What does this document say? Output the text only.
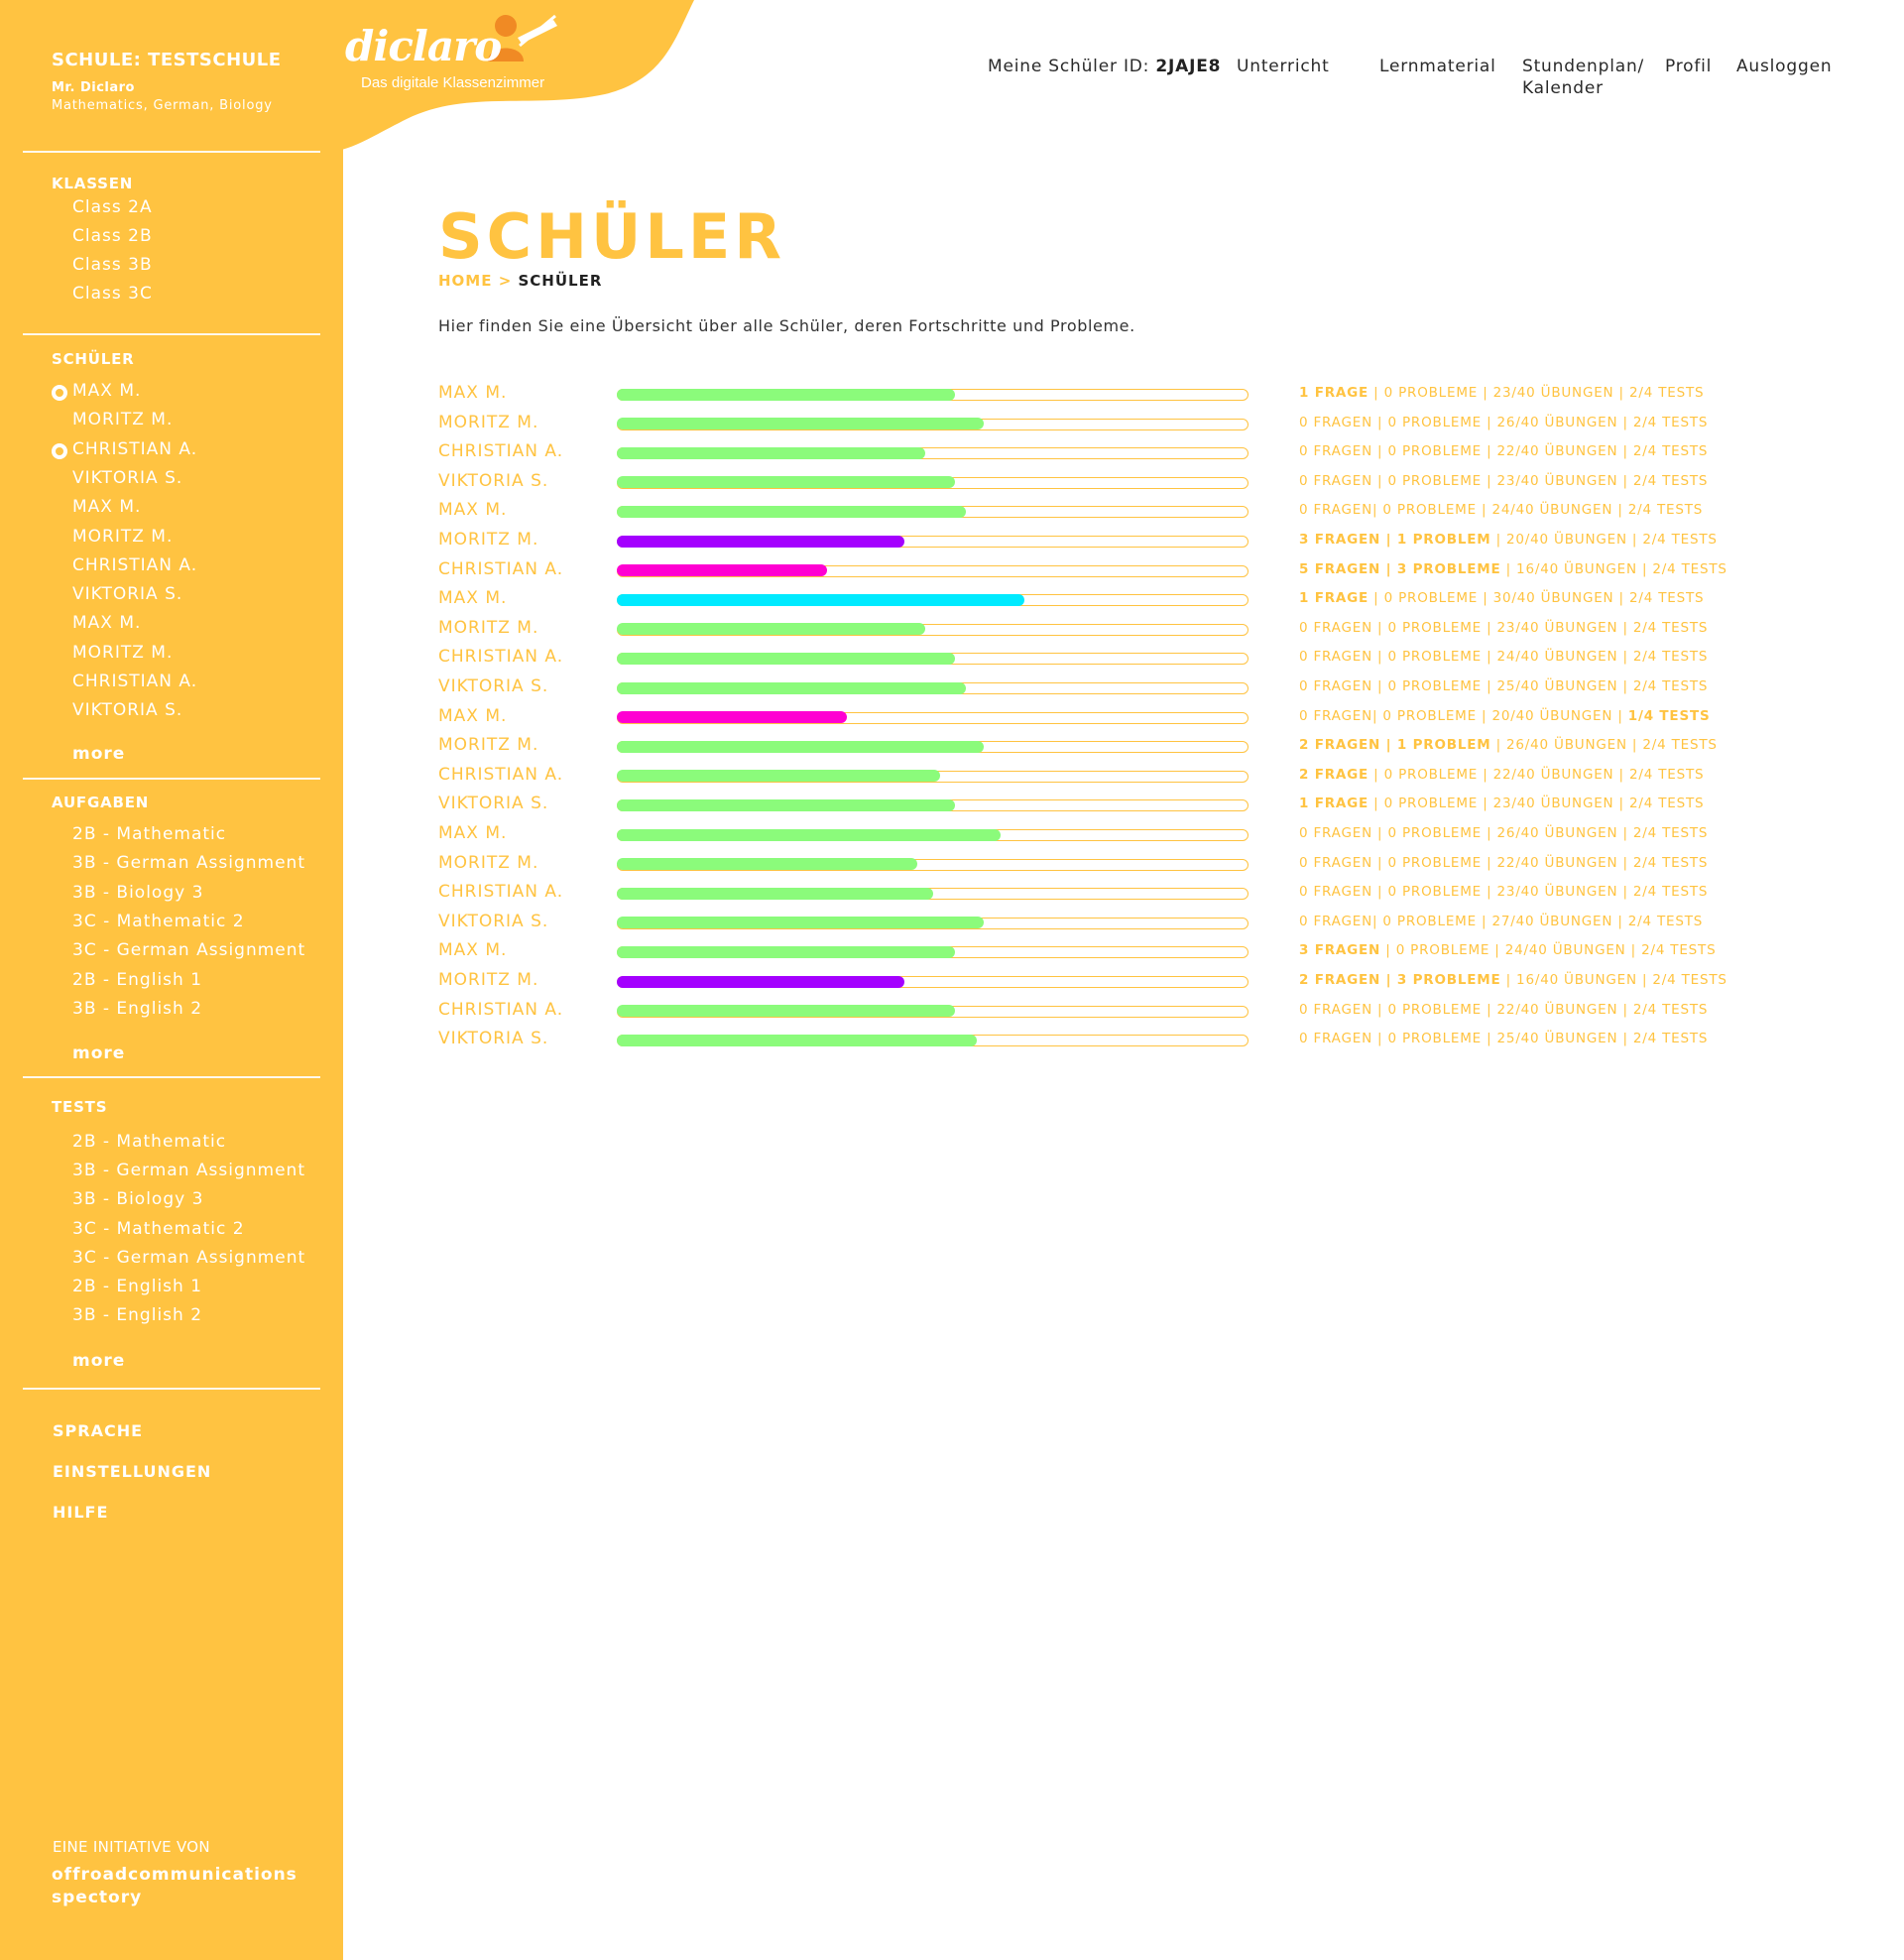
SCHULE: TESTSCHULE
Mr. Diclaro
Mathematics, German, Biology
KLASSEN
Class 2A
Class 2B
Class 3B
Class 3C
SCHÜLER
MAX M.
MORITZ M.
CHRISTIAN A.
VIKTORIA S.
MAX M.
MORITZ M.
CHRISTIAN A.
VIKTORIA S.
MAX M.
MORITZ M.
CHRISTIAN A.
VIKTORIA S.
more
AUFGABEN
2B - Mathematic
3B - German Assignment
3B - Biology 3
3C - Mathematic 2
3C - German Assignment
2B - English 1
3B - English 2
more
TESTS
2B - Mathematic
3B - German Assignment
3B - Biology 3
3C - Mathematic 2
3C - German Assignment
2B - English 1
3B - English 2
more
SPRACHE
EINSTELLUNGEN
HILFE
EINE INITIATIVE VON
offroadcommunications
spectory
diclaro
Das digitale Klassenzimmer
Meine Schüler ID: 2JAJE8 Unterricht	Lernmaterial Stundenplan/
Kalender
Profil Ausloggen
SCHÜLER
HOME > SCHÜLER

Hier finden Sie eine Übersicht über alle Schüler, deren Fortschritte und Probleme.

MAX M.	1 FRAGE | 0 PROBLEME | 23/40 ÜBUNGEN | 2/4 TESTS
MORITZ M.	0 FRAGEN | 0 PROBLEME | 26/40 ÜBUNGEN | 2/4 TESTS
CHRISTIAN A.	0 FRAGEN | 0 PROBLEME | 22/40 ÜBUNGEN | 2/4 TESTS
VIKTORIA S.	0 FRAGEN | 0 PROBLEME | 23/40 ÜBUNGEN | 2/4 TESTS
MAX M.	0 FRAGEN| 0 PROBLEME | 24/40 ÜBUNGEN | 2/4 TESTS
MORITZ M.	3 FRAGEN | 1 PROBLEM | 20/40 ÜBUNGEN | 2/4 TESTS
CHRISTIAN A.	5 FRAGEN | 3 PROBLEME | 16/40 ÜBUNGEN | 2/4 TESTS
MAX M.	1 FRAGE | 0 PROBLEME | 30/40 ÜBUNGEN | 2/4 TESTS
MORITZ M.	0 FRAGEN | 0 PROBLEME | 23/40 ÜBUNGEN | 2/4 TESTS
CHRISTIAN A.	0 FRAGEN | 0 PROBLEME | 24/40 ÜBUNGEN | 2/4 TESTS
VIKTORIA S.	0 FRAGEN | 0 PROBLEME | 25/40 ÜBUNGEN | 2/4 TESTS
MAX M.	0 FRAGEN| 0 PROBLEME | 20/40 ÜBUNGEN | 1/4 TESTS
MORITZ M.	2 FRAGEN | 1 PROBLEM | 26/40 ÜBUNGEN | 2/4 TESTS
CHRISTIAN A.	2 FRAGE | 0 PROBLEME | 22/40 ÜBUNGEN | 2/4 TESTS
VIKTORIA S.	1 FRAGE | 0 PROBLEME | 23/40 ÜBUNGEN | 2/4 TESTS
MAX M.	0 FRAGEN | 0 PROBLEME | 26/40 ÜBUNGEN | 2/4 TESTS
MORITZ M.	0 FRAGEN | 0 PROBLEME | 22/40 ÜBUNGEN | 2/4 TESTS
CHRISTIAN A.	0 FRAGEN | 0 PROBLEME | 23/40 ÜBUNGEN | 2/4 TESTS
VIKTORIA S.	0 FRAGEN| 0 PROBLEME | 27/40 ÜBUNGEN | 2/4 TESTS
MAX M.	3 FRAGEN | 0 PROBLEME | 24/40 ÜBUNGEN | 2/4 TESTS
MORITZ M.	2 FRAGEN | 3 PROBLEME | 16/40 ÜBUNGEN | 2/4 TESTS
CHRISTIAN A.	0 FRAGEN | 0 PROBLEME | 22/40 ÜBUNGEN | 2/4 TESTS
VIKTORIA S.	0 FRAGEN | 0 PROBLEME | 25/40 ÜBUNGEN | 2/4 TESTS
